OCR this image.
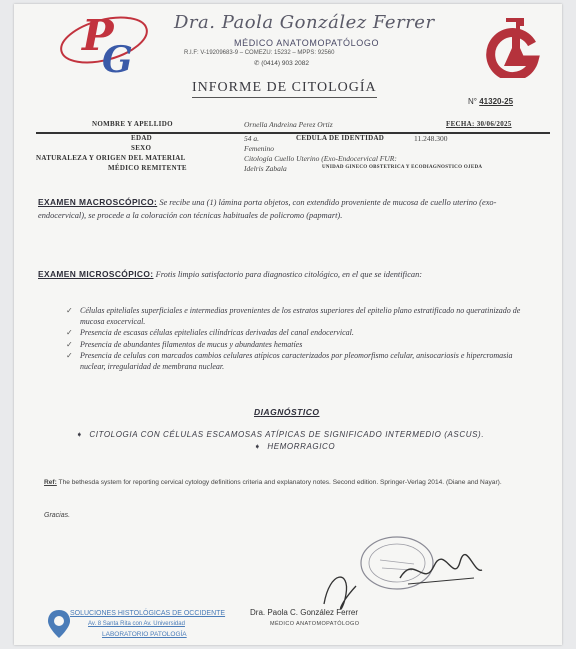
P
G
Dra. Paola González Ferrer
MÉDICO ANATOMOPATÓLOGO
R.I.F: V-19209683-9 – COMEZU: 15232 – MPPS: 92560
✆ (0414) 903 2082
INFORME DE CITOLOGÍA
N° 41320-25
NOMBRE Y APELLIDO	Ornella Andreina Perez Ortiz	FECHA: 30/06/2025
EDAD	54 a.	CEDULA DE IDENTIDAD	11.248.300
SEXO	Femenino
NATURALEZA Y ORIGEN DEL MATERIAL	Citología Cuello Uterino (Exo-Endocervical FUR:
MÉDICO REMITENTE	Idelris Zabala	UNIDAD GINECO OBSTETRICA Y ECODIAGNOSTICO OJEDA
EXAMEN MACROSCÓPICO: Se recibe una (1) lámina porta objetos, con extendido proveniente de mucosa de cuello uterino (exo-endocervical), se procede a la coloración con técnicas habituales de policromo (papmart).
EXAMEN MICROSCÓPICO: Frotis limpio satisfactorio para diagnostico citológico, en el que se identifican:
✓ Células epiteliales superficiales e intermedias provenientes de los estratos superiores del epitelio plano estratificado no queratinizado de mucosa exocervical.
✓ Presencia de escasas células epiteliales cilíndricas derivadas del canal endocervical.
✓ Presencia de abundantes filamentos de mucus y abundantes hematíes
✓ Presencia de celulas con marcados cambios celulares atípicos caracterizados por pleomorfismo celular, anisocariosis e hipercromasia nuclear, irregularidad de membrana nuclear.
DIAGNÓSTICO
➧ CITOLOGIA CON CÉLULAS ESCAMOSAS ATÍPICAS DE SIGNIFICADO INTERMEDIO (ASCUS).
➧ HEMORRAGICO
Ref: The bethesda system for reporting cervical cytology definitions criteria and explanatory notes. Second edition. Springer-Verlag 2014. (Diane and Nayar).
Gracias.
Dra. Paola C. González Ferrer
MÉDICO ANATOMOPATÓLOGO
SOLUCIONES HISTOLÓGICAS DE OCCIDENTE
Av. 8 Santa Rita con Av. Universidad
LABORATORIO PATOLOGÍA
